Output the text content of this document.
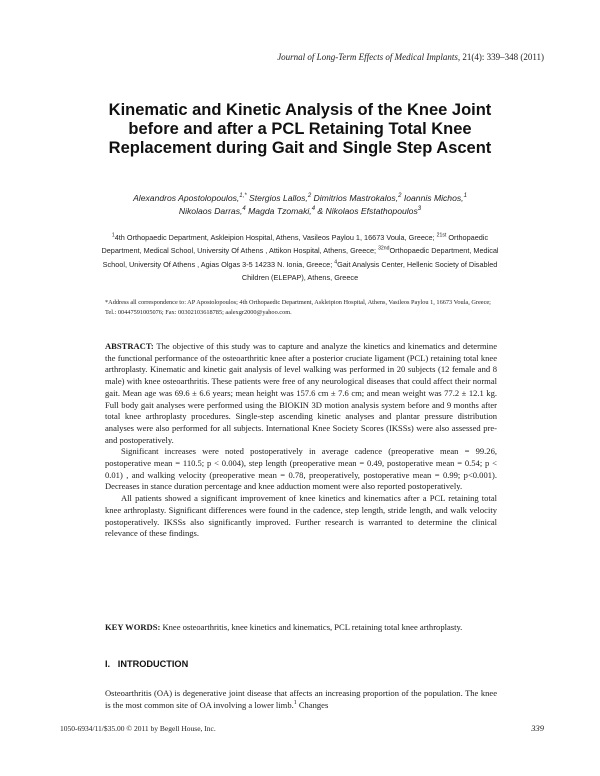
Journal of Long-Term Effects of Medical Implants, 21(4): 339–348 (2011)
Kinematic and Kinetic Analysis of the Knee Joint before and after a PCL Retaining Total Knee Replacement during Gait and Single Step Ascent
Alexandros Apostolopoulos,$^{1,*}$ Stergios Lallos,$^2$ Dimitrios Mastrokalos,$^2$ Ioannis Michos,$^1$
Nikolaos Darras,$^4$ Magda Tzomaki,$^4$ & Nikolaos Efstathopoulos$^3$
$^1$4th Orthopaedic Department, Askleipion Hospital, Athens, Vasileos Paylou 1, 16673 Voula, Greece; $^{21st}$ Orthopaedic Department, Medical School, University Of Athens , Attikon Hospital, Athens, Greece; $^{32nd}$Orthopaedic Department, Medical School, University Of Athens , Agias Olgas 3-5 14233 N. Ionia, Greece; $^4$Gait Analysis Center, Hellenic Society of Disabled Children (ELEPAP), Athens, Greece
*Address all correspondence to: AP Apostolopoulos; 4th Orthopaedic Department, Askleipion Hospital, Athens, Vasileos Paylou 1, 16673 Voula, Greece; Tel.: 00447591005076; Fax: 00302103618785; aalexgr2000@yahoo.com.

ABSTRACT: The objective of this study was to capture and analyze the kinetics and kinematics and determine the functional performance of the osteoarthritic knee after a posterior cruciate ligament (PCL) retaining total knee arthroplasty. Kinematic and kinetic gait analysis of level walking was performed in 20 subjects (12 female and 8 male) with knee osteoarthritis. These patients were free of any neurological diseases that could affect their normal gait. Mean age was 69.6 ± 6.6 years; mean height was 157.6 cm ± 7.6 cm; and mean weight was 77.2 ± 12.1 kg. Full body gait analyses were performed using the BIOKIN 3D motion analysis system before and 9 months after total knee arthroplasty procedures. Single-step ascending kinetic analyses and plantar pressure distribution analyses were also performed for all subjects. International Knee Society Scores (IKSSs) were also assessed pre- and postoperatively.

Significant increases were noted postoperatively in average cadence (preoperative mean = 99.26, postoperative mean = 110.5; p < 0.004), step length (preoperative mean = 0.49, postoperative mean = 0.54; p < 0.01) , and walking velocity (preoperative mean = 0.78, preoperatively, postoperative mean = 0.99; p<0.001). Decreases in stance duration percentage and knee adduction moment were also reported postoperatively.

All patients showed a significant improvement of knee kinetics and kinematics after a PCL retaining total knee arthroplasty. Significant differences were found in the cadence, step length, stride length, and walk velocity postoperatively. IKSSs also significantly improved. Further research is warranted to determine the clinical relevance of these findings.

KEY WORDS: Knee osteoarthritis, knee kinetics and kinematics, PCL retaining total knee arthroplasty.
I. INTRODUCTION

Osteoarthritis (OA) is degenerative joint disease that affects an increasing proportion of the population. The knee is the most common site of OA involving a lower limb.$^1$ Changes

1050-6934/11/$35.00 © 2011 by Begell House, Inc.	339
